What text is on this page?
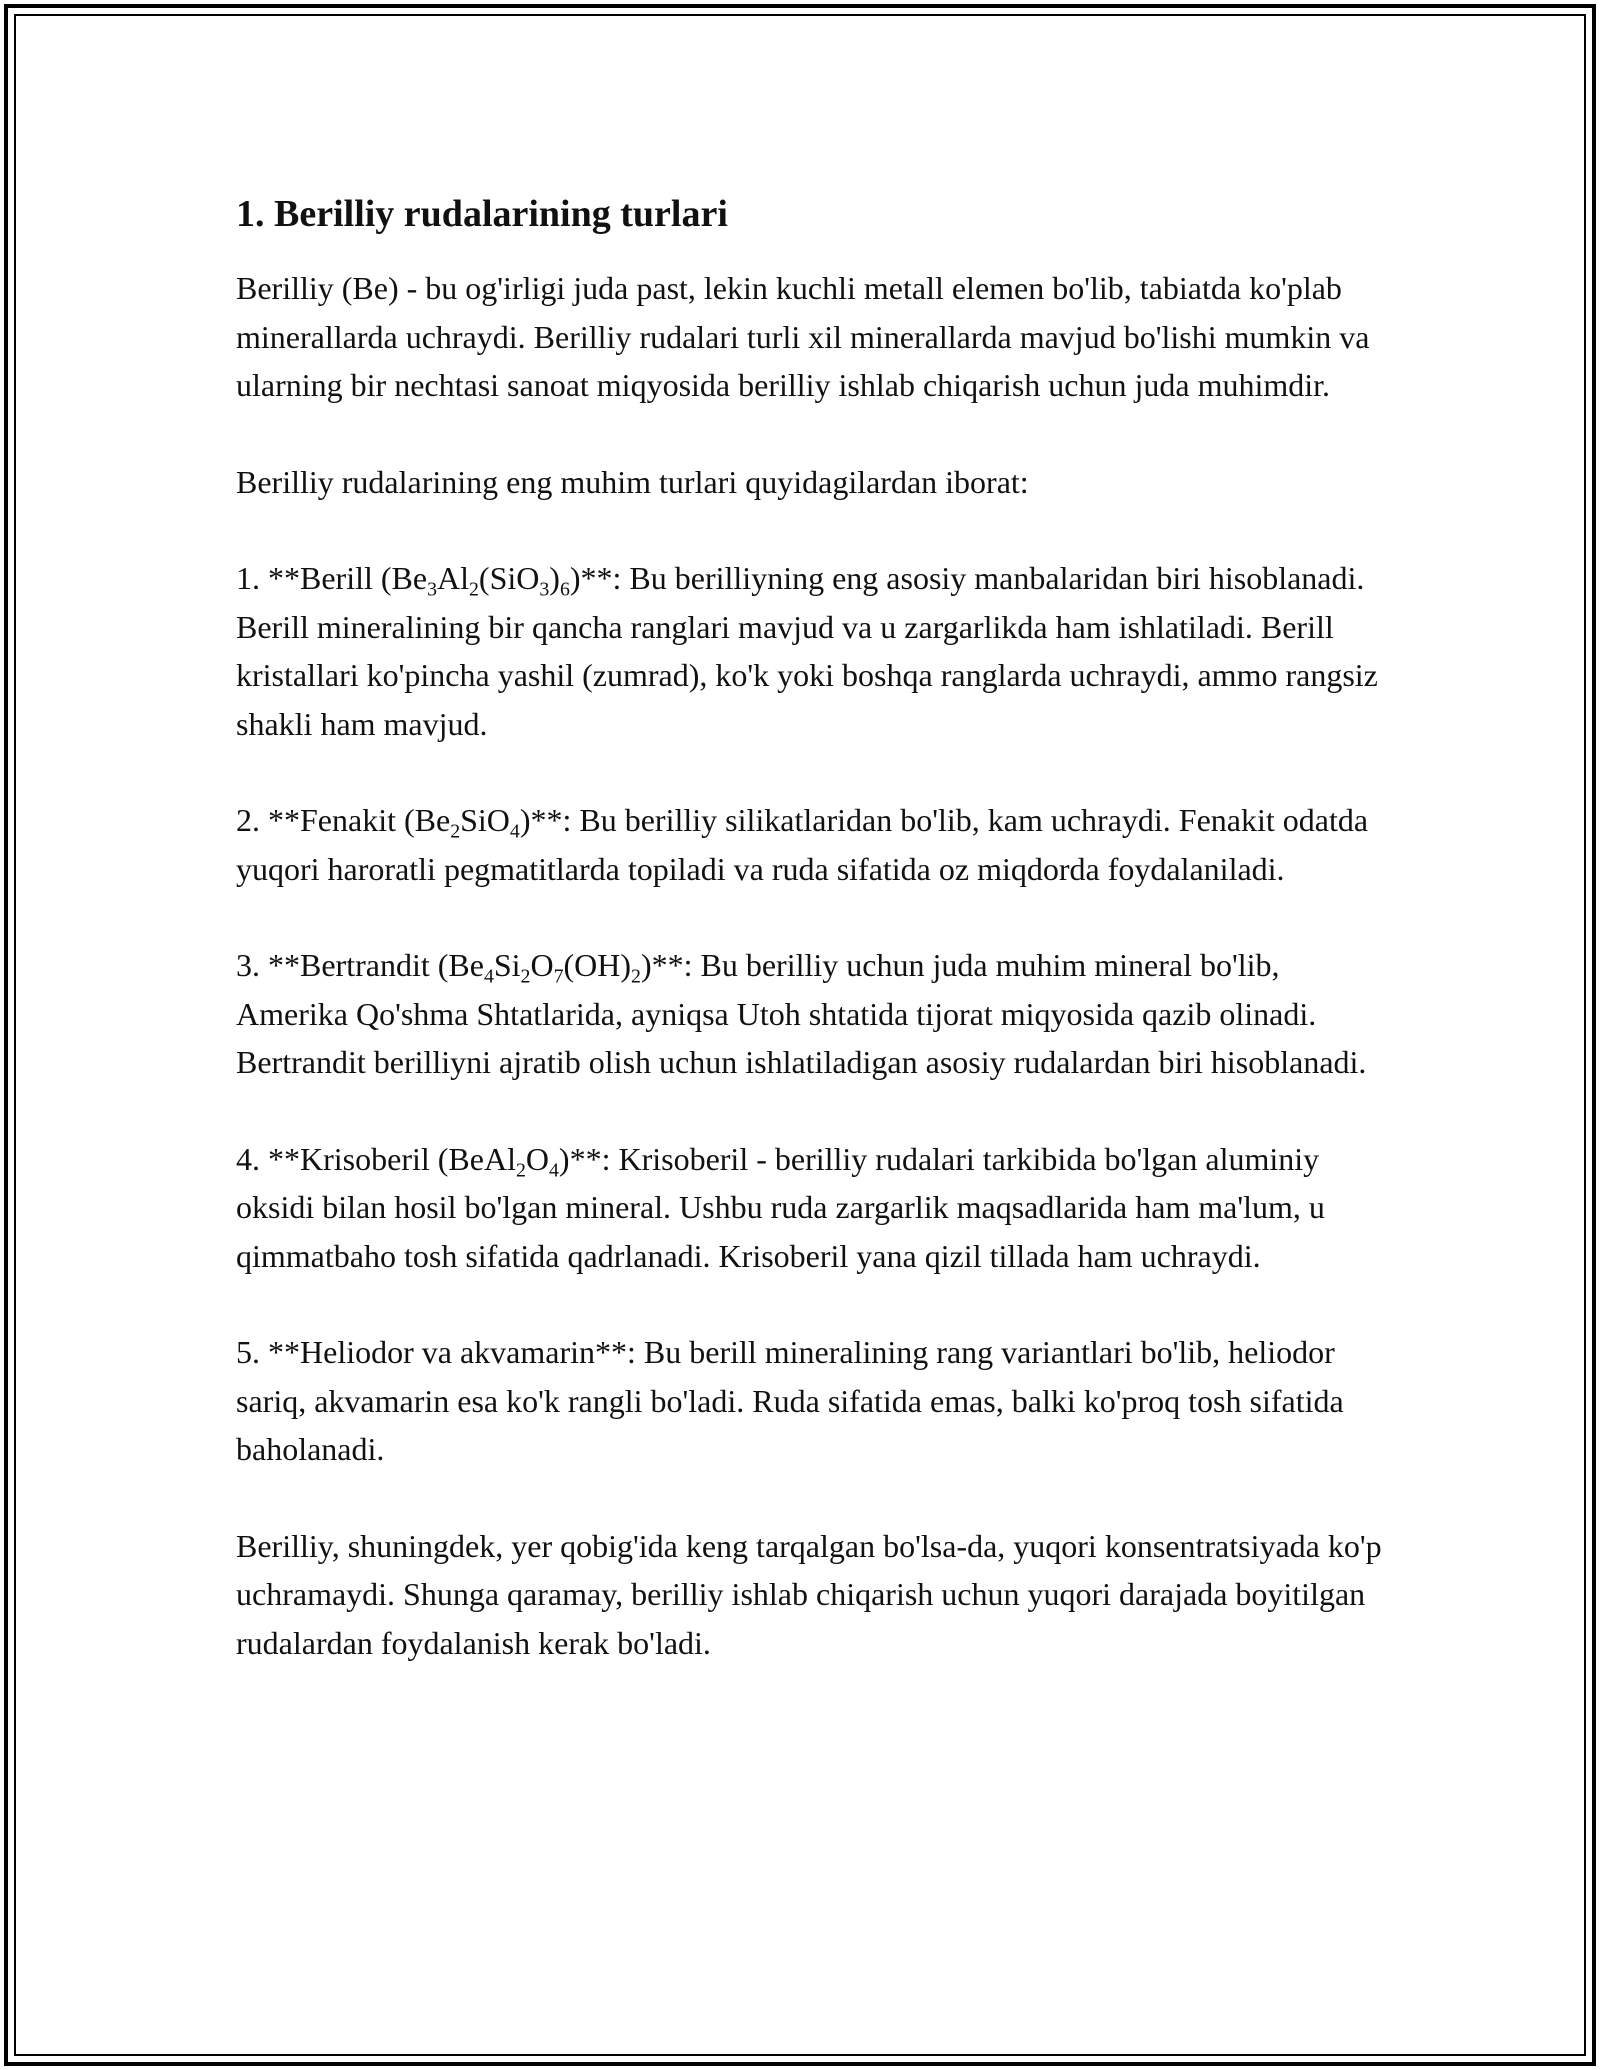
1. Berilliy rudalarining turlari

Berilliy (Be) - bu og'irligi juda past, lekin kuchli metall elemen bo'lib, tabiatda ko'plab minerallarda uchraydi. Berilliy rudalari turli xil minerallarda mavjud bo'lishi mumkin va ularning bir nechtasi sanoat miqyosida berilliy ishlab chiqarish uchun juda muhimdir.

Berilliy rudalarining eng muhim turlari quyidagilardan iborat:

1. **Berill $(Be_3Al_2(SiO_3)_6)**$: Bu berilliyning eng asosiy manbalaridan biri hisoblanadi. Berill mineralining bir qancha ranglari mavjud va u zargarlikda ham ishlatiladi. Berill kristallari ko'pincha yashil (zumrad), ko'k yoki boshqa ranglarda uchraydi, ammo rangsiz shakli ham mavjud.

2. **Fenakit $(Be_2SiO_4)**$: Bu berilliy silikatlaridan bo'lib, kam uchraydi. Fenakit odatda yuqori haroratli pegmatitlarda topiladi va ruda sifatida oz miqdorda foydalaniladi.

3. **Bertrandit $(Be_4Si_2O_7(OH)_2)**$: Bu berilliy uchun juda muhim mineral bo'lib, Amerika Qo'shma Shtatlarida, ayniqsa Utoh shtatida tijorat miqyosida qazib olinadi. Bertrandit berilliyni ajratib olish uchun ishlatiladigan asosiy rudalardan biri hisoblanadi.

4. **Krisoberil $(BeAl_2O_4)**$: Krisoberil - berilliy rudalari tarkibida bo'lgan aluminiy oksidi bilan hosil bo'lgan mineral. Ushbu ruda zargarlik maqsadlarida ham ma'lum, u qimmatbaho tosh sifatida qadrlanadi. Krisoberil yana qizil tillada ham uchraydi.

5. **Heliodor va akvamarin**: Bu berill mineralining rang variantlari bo'lib, heliodor sariq, akvamarin esa ko'k rangli bo'ladi. Ruda sifatida emas, balki ko'proq tosh sifatida baholanadi.

Berilliy, shuningdek, yer qobig'ida keng tarqalgan bo'lsa-da, yuqori konsentratsiyada ko'p uchramaydi. Shunga qaramay, berilliy ishlab chiqarish uchun yuqori darajada boyitilgan rudalardan foydalanish kerak bo'ladi.
